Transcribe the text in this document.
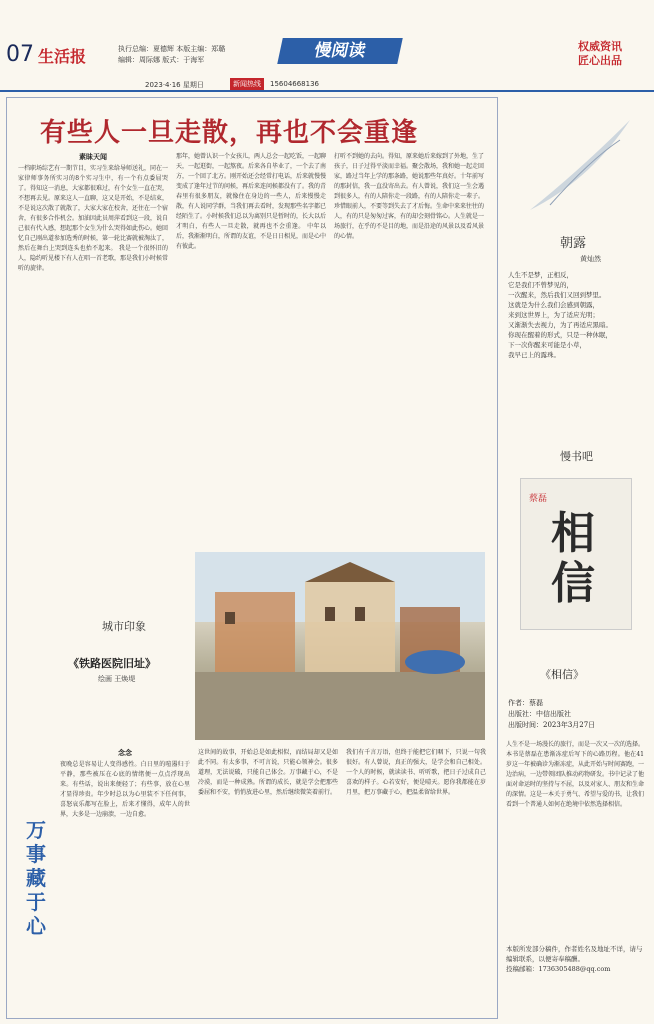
07 生活报	执行总编：夏德辉 本版主编：郑璐
编辑：周际娜 版式：于海军	慢阅读	权威资讯
匠心出品
2023·4·16 星期日	新闻热线	15604668136
有些人一旦走散，再也不会重逢
素昧天闻
一档职场综艺有一期节目，实习生来给导师送礼，同在一家律师事务所实习的8个实习生中，有一个有点委屈哭了。得知这一消息，大家都很难过，有个女生一直在哭，不想再去见。原来这人一直聊，这又是开始，不是结束，不是说这次散了就散了，大家大家在校舍，还住在一个宿舍，有很多合作机会。加油因此员周萍看到这一段，说自己很有代入感，想起那个女生为什么哭得如此伤心。她回忆自己刚出道参加选秀的时候，第一轮比赛就被淘汰了，然后在舞台上哭到连头也抬不起来。 我是一个很怀旧的人，隐约听见楼下有人在唱一首老歌，那是我们小时候常听的旋律。
那年，她曾认识一个女孩儿，两人总会一起吃饭，一起聊天，一起逛街，一起熬夜。后来各自毕业了，一个去了南方，一个回了北方。刚开始还会经常打电话，后来就慢慢变成了逢年过节的问候，再后来连问候都没有了。我的青春里有很多朋友，就像住在身边的一些人，后来慢慢走散，有人说同学群，当我们再去看时，发现那些名字都已经陌生了。小时候我们总以为离别只是暂时的，长大以后才明白，有些人一旦走散，就再也不会重逢。 中年以后，我渐渐明白，所谓的友谊，不是日日相见，而是心中有彼此。
打听不到她的去向。得知，原来她后来嫁到了外地，生了孩子，日子过得平淡而幸福。聚会散场，我和她一起走回家，路过当年上学的那条路，她说那些年真好。十年前写的那封信，我一直没寄出去。有人曾说，我们这一生会遇到很多人，有的人陪你走一段路，有的人陪你走一辈子。珍惜眼前人，不要等到失去了才后悔。生命中来来往往的人，有的只是匆匆过客，有的却会刻骨铭心。人生就是一场旅行，在乎的不是目的地，而是沿途的风景以及看风景的心情。
城市印象
《铁路医院旧址》
绘画 王焕堤
万事藏于心
念念
夜晚总是容易让人变得感性。白日里的喧嚣归于平静，那些被压在心底的情绪便一点点浮现出来。有些话，说出来便轻了；有些事，放在心里才显得珍贵。年少时总以为心里装不下任何事，喜怒哀乐都写在脸上，后来才懂得，成年人的世界，大多是一边崩溃，一边自愈。
这世间的故事，开始总是如此相似，而结局却又是如此不同。有太多事，不可言说，只能心领神会。很多道理，无法说破，只能自己体会。万事藏于心，不是冷漠，而是一种成熟。所谓的成长，就是学会把那些委屈和不安，悄悄放进心里，然后继续微笑着前行。
我们有千言万语，但终于能把它们咽下，只说一句我很好。有人曾说，真正的强大，是学会和自己相处。一个人的时候，就读读书、听听歌，把日子过成自己喜欢的样子。心若安好，便是晴天。愿你我都能在岁月里，把万事藏于心，把温柔留给世界。
朝露
黄灿然
人生不是梦，正相反，
它是我们不曾梦见的，
一次醒来，然后我们又回到梦里。
这就是为什么我们会感到朝露，
来到这世界上，为了适应光明；
又渐渐失去视力，为了再适应黑暗。
你现在醒着的形式，只是一种休眠，
下一次你醒来可能是小草，
我早已上的露珠。
慢书吧
相信
蔡磊
《相信》
作者：蔡磊
出版社：中信出版社
出版时间：2023年3月27日
人生不是一场漫长的旅行，而是一次又一次的选择。本书是蔡磊在患渐冻症后写下的心路历程。他在41岁这一年被确诊为渐冻症，从此开始与时间赛跑，一边治病，一边带领团队推动药物研发。书中记录了他面对命运时的坚持与不屈，以及对家人、朋友和生命的深情。这是一本关于勇气、希望与爱的书，让我们看到一个普通人如何在绝境中依然选择相信。
本版所发部分稿件，作者姓名及地址不详，请与编辑联系，以便寄奉稿酬。
投稿邮箱：1736305488@qq.com
